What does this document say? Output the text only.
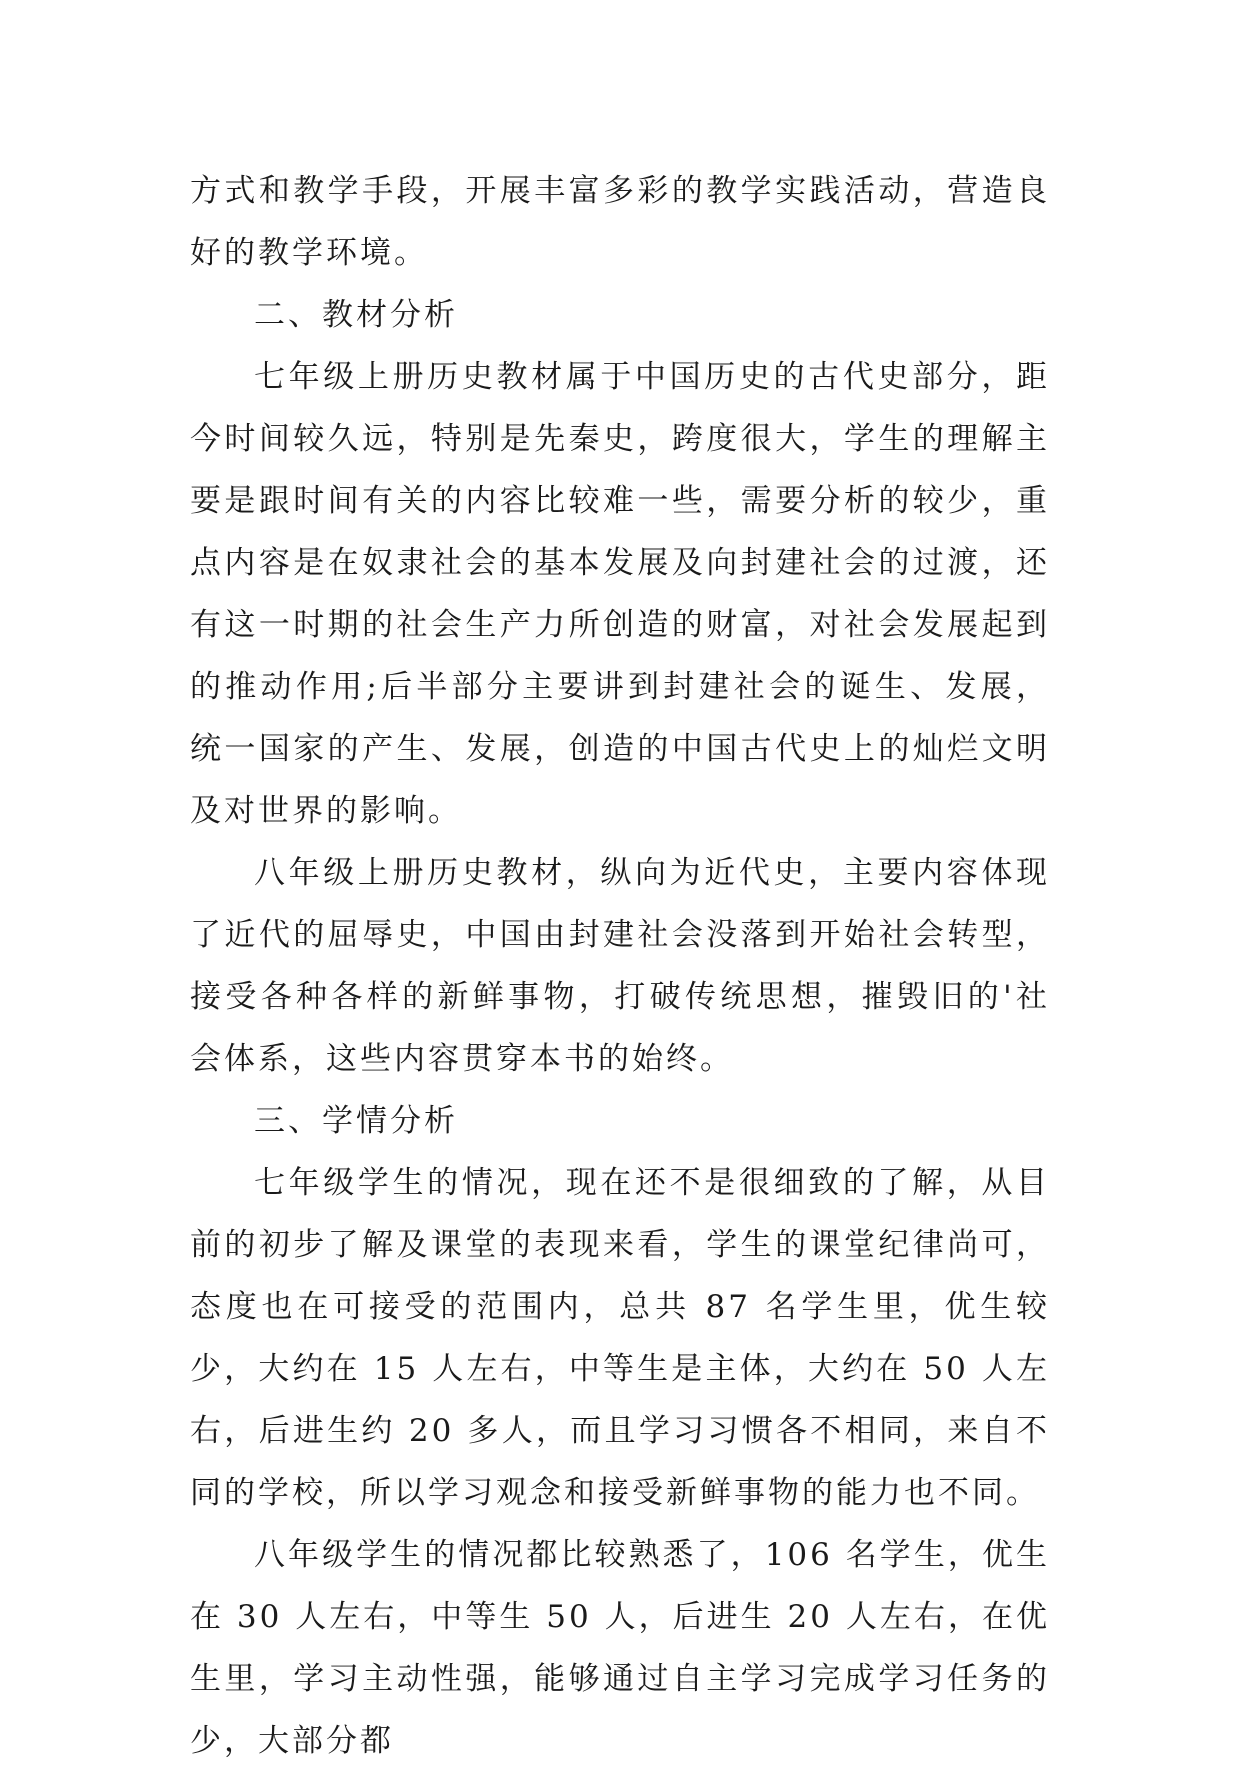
方式和教学手段，开展丰富多彩的教学实践活动，营造良好的教学环境。

二、教材分析

七年级上册历史教材属于中国历史的古代史部分，距今时间较久远，特别是先秦史，跨度很大，学生的理解主要是跟时间有关的内容比较难一些，需要分析的较少，重点内容是在奴隶社会的基本发展及向封建社会的过渡，还有这一时期的社会生产力所创造的财富，对社会发展起到的推动作用;后半部分主要讲到封建社会的诞生、发展，统一国家的产生、发展，创造的中国古代史上的灿烂文明及对世界的影响。

八年级上册历史教材，纵向为近代史，主要内容体现了近代的屈辱史，中国由封建社会没落到开始社会转型，接受各种各样的新鲜事物，打破传统思想，摧毁旧的'社会体系，这些内容贯穿本书的始终。

三、学情分析

七年级学生的情况，现在还不是很细致的了解，从目前的初步了解及课堂的表现来看，学生的课堂纪律尚可，态度也在可接受的范围内，总共 87 名学生里，优生较少，大约在 15 人左右，中等生是主体，大约在 50 人左右，后进生约 20 多人，而且学习习惯各不相同，来自不同的学校，所以学习观念和接受新鲜事物的能力也不同。

八年级学生的情况都比较熟悉了，106 名学生，优生在 30 人左右，中等生 50 人，后进生 20 人左右，在优生里，学习主动性强，能够通过自主学习完成学习任务的少，大部分都
